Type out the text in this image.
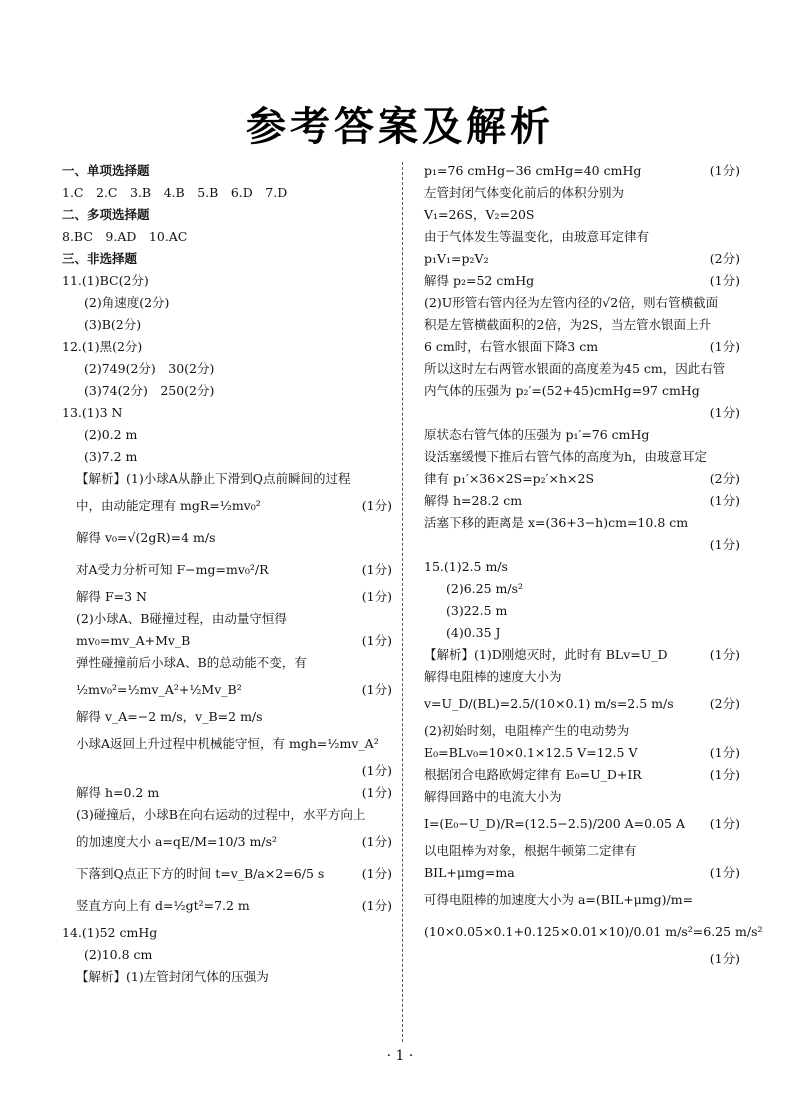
参考答案及解析
一、单项选择题
1.C　2.C　3.B　4.B　5.B　6.D　7.D
二、多项选择题
8.BC　9.AD　10.AC
三、非选择题
11.(1)BC(2分)
(2)角速度(2分)
(3)B(2分)
12.(1)黑(2分)
(2)749(2分)　30(2分)
(3)74(2分)　250(2分)
13.(1)3 N
(2)0.2 m
(3)7.2 m
【解析】(1)小球A从静止下滑到Q点前瞬间的过程
中，由动能定理有 mgR=½mv₀²	(1分)
解得 v₀=√(2gR)=4 m/s
对A受力分析可知 F−mg=mv₀²/R	(1分)
解得 F=3 N	(1分)
(2)小球A、B碰撞过程，由动量守恒得
mv₀=mv_A+Mv_B	(1分)
弹性碰撞前后小球A、B的总动能不变，有
½mv₀²=½mv_A²+½Mv_B²	(1分)
解得 v_A=−2 m/s，v_B=2 m/s
小球A返回上升过程中机械能守恒，有 mgh=½mv_A²
(1分)
解得 h=0.2 m	(1分)
(3)碰撞后，小球B在向右运动的过程中，水平方向上
的加速度大小 a=qE/M=10/3 m/s²	(1分)
下落到Q点正下方的时间 t=v_B/a×2=6/5 s	(1分)
竖直方向上有 d=½gt²=7.2 m	(1分)
14.(1)52 cmHg
(2)10.8 cm
【解析】(1)左管封闭气体的压强为
p₁=76 cmHg−36 cmHg=40 cmHg	(1分)
左管封闭气体变化前后的体积分别为
V₁=26S，V₂=20S
由于气体发生等温变化，由玻意耳定律有
p₁V₁=p₂V₂	(2分)
解得 p₂=52 cmHg	(1分)
(2)U形管右管内径为左管内径的√2倍，则右管横截面
积是左管横截面积的2倍，为2S，当左管水银面上升
6 cm时，右管水银面下降3 cm	(1分)
所以这时左右两管水银面的高度差为45 cm，因此右管
内气体的压强为 p₂′=(52+45)cmHg=97 cmHg
(1分)
原状态右管气体的压强为 p₁′=76 cmHg
设活塞缓慢下推后右管气体的高度为h，由玻意耳定
律有 p₁′×36×2S=p₂′×h×2S	(2分)
解得 h=28.2 cm	(1分)
活塞下移的距离是 x=(36+3−h)cm=10.8 cm
(1分)
15.(1)2.5 m/s
(2)6.25 m/s²
(3)22.5 m
(4)0.35 J
【解析】(1)D刚熄灭时，此时有 BLv=U_D	(1分)
解得电阻棒的速度大小为
v=U_D/(BL)=2.5/(10×0.1) m/s=2.5 m/s	(2分)
(2)初始时刻，电阻棒产生的电动势为
E₀=BLv₀=10×0.1×12.5 V=12.5 V	(1分)
根据闭合电路欧姆定律有 E₀=U_D+IR	(1分)
解得回路中的电流大小为
I=(E₀−U_D)/R=(12.5−2.5)/200 A=0.05 A (1分)
以电阻棒为对象，根据牛顿第二定律有
BIL+μmg=ma	(1分)
可得电阻棒的加速度大小为 a=(BIL+μmg)/m=
(10×0.05×0.1+0.125×0.01×10)/0.01 m/s²=6.25 m/s²
(1分)
· 1 ·
